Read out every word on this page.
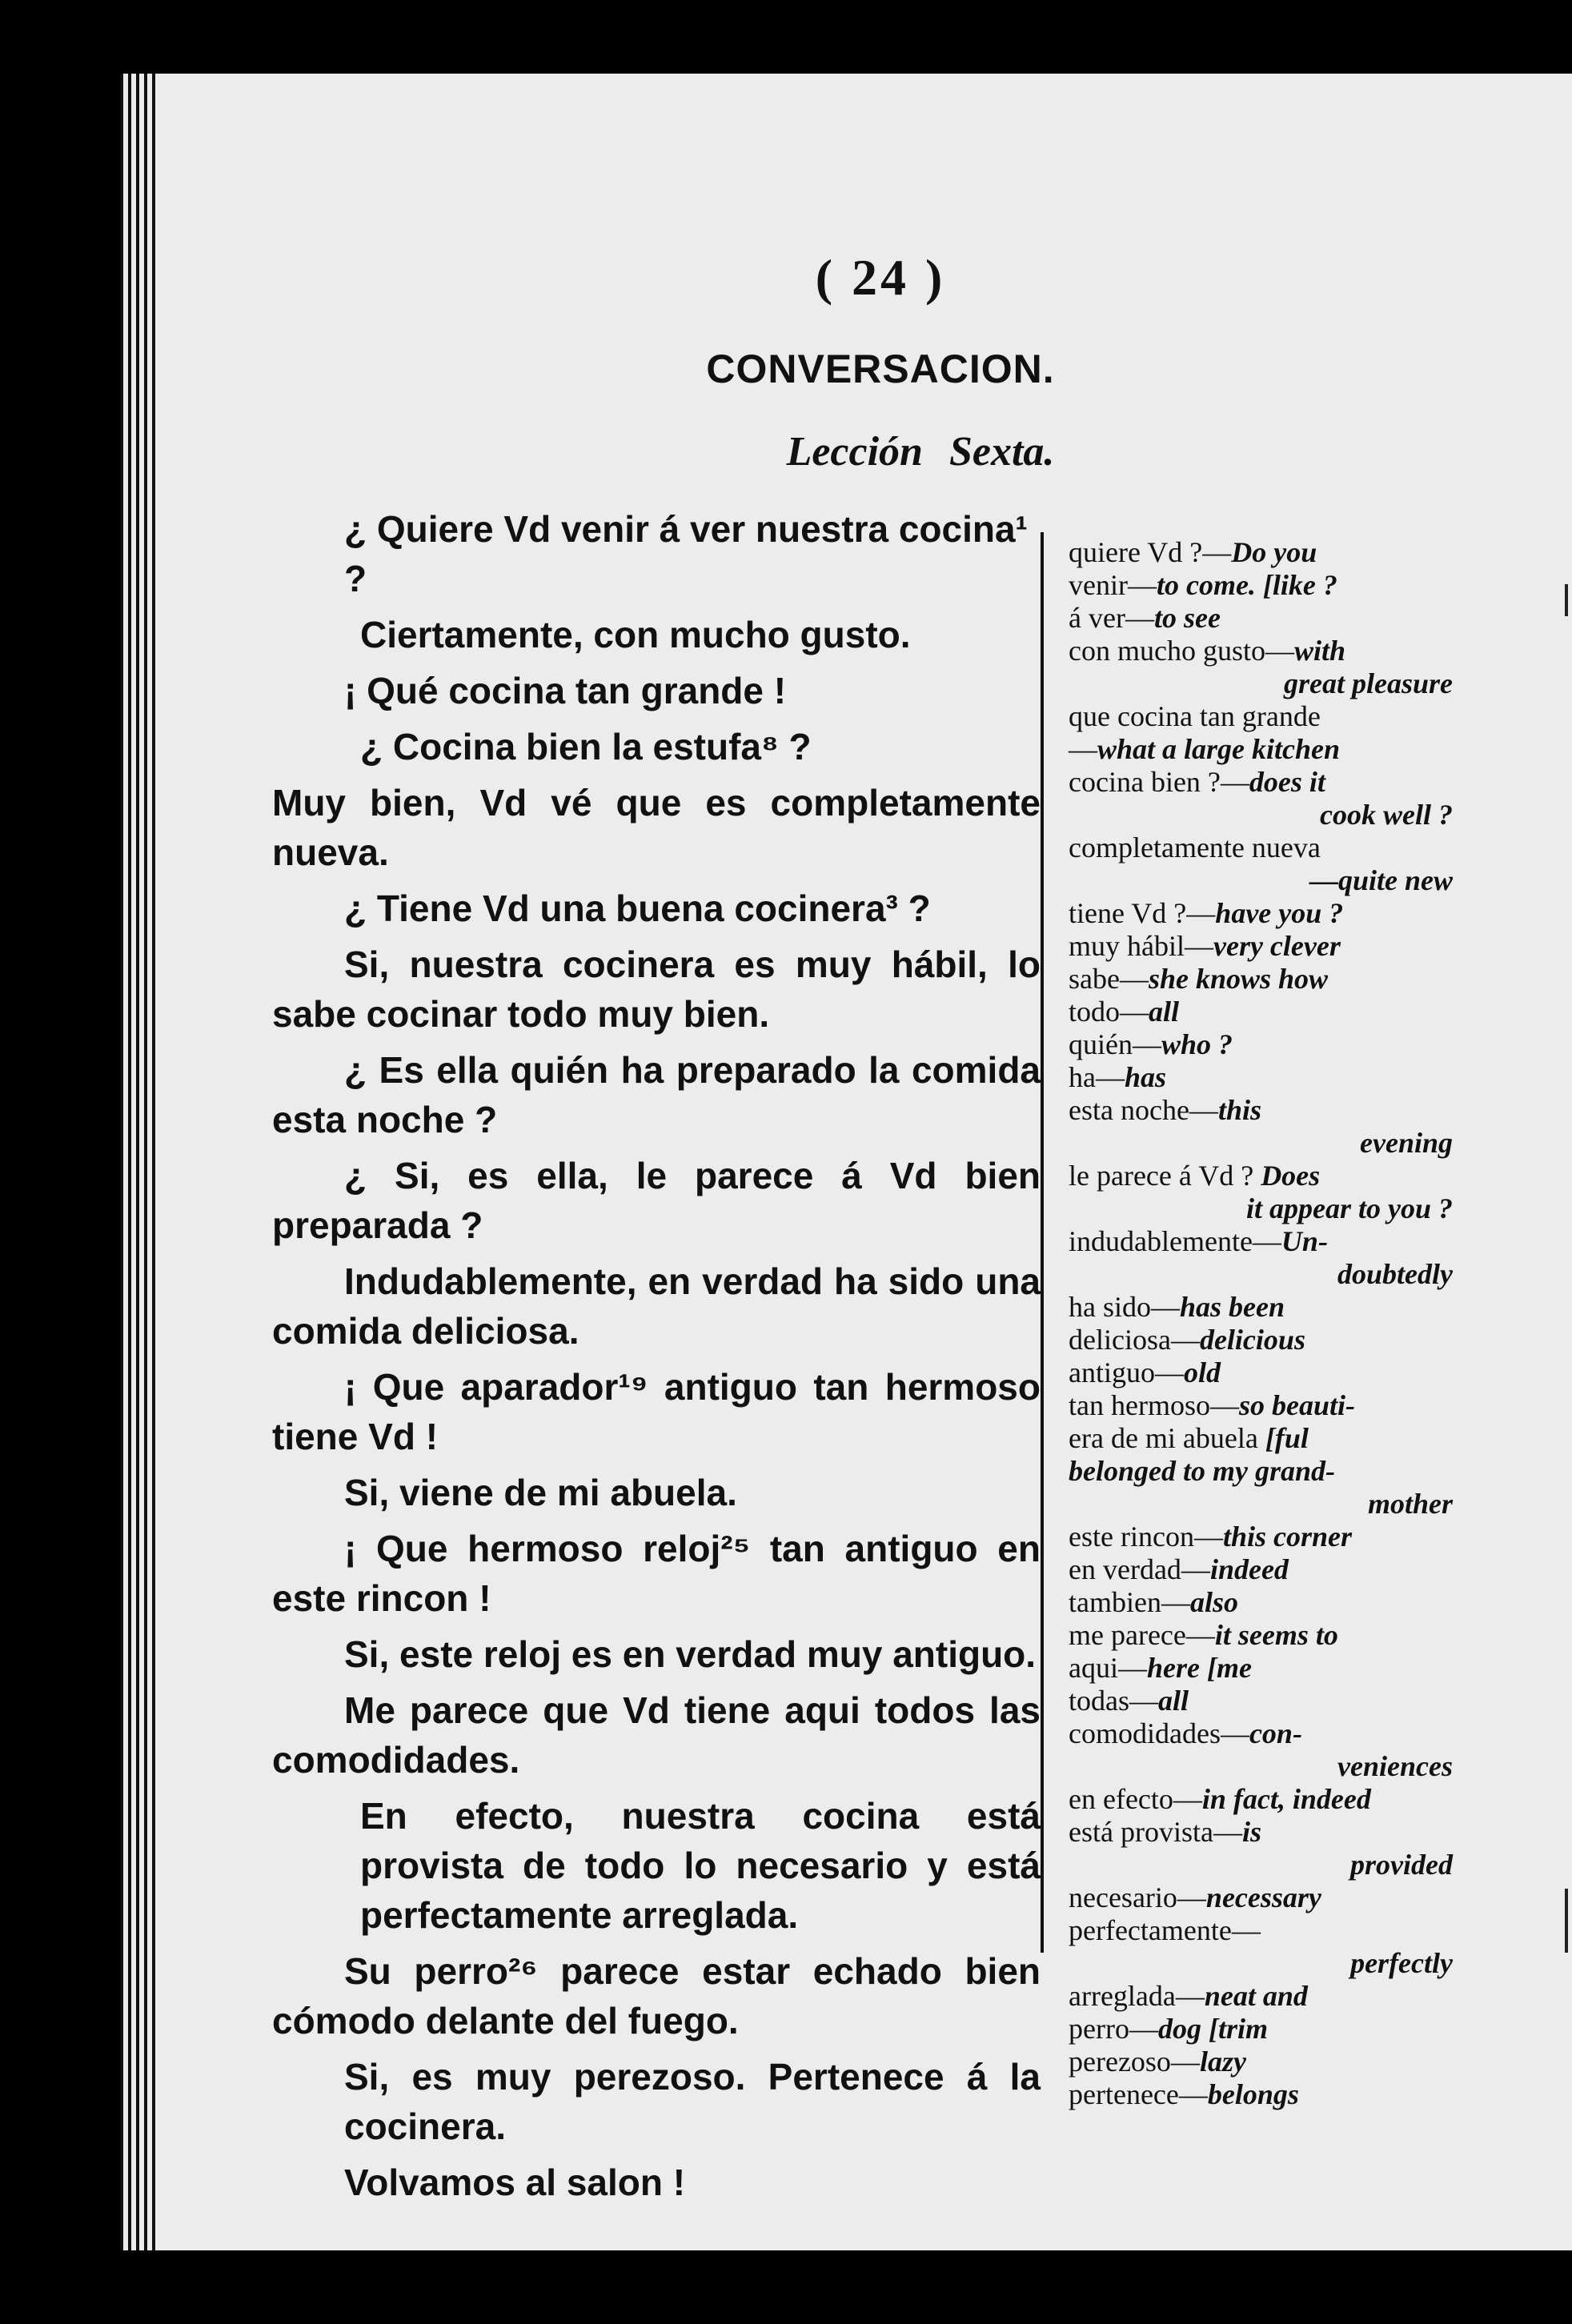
( 24 )
CONVERSACION.
Lección Sexta.

¿ Quiere Vd venir á ver nuestra cocina¹ ?

Ciertamente, con mucho gusto.

¡ Qué cocina tan grande !

¿ Cocina bien la estufa⁸ ?

Muy bien, Vd vé que es completamente nueva.

¿ Tiene Vd una buena cocinera³ ?

Si, nuestra cocinera es muy hábil, lo sabe cocinar todo muy bien.

¿ Es ella quién ha preparado la comida esta noche ?

¿ Si, es ella, le parece á Vd bien preparada ?

Indudablemente, en verdad ha sido una comida deliciosa.

¡ Que aparador¹⁹ antiguo tan hermoso tiene Vd !

Si, viene de mi abuela.

¡ Que hermoso reloj²⁵ tan antiguo en este rincon !

Si, este reloj es en verdad muy antiguo.

Me parece que Vd tiene aqui todos las comodidades.

En efecto, nuestra cocina está provista de todo lo necesario y está perfectamente arreglada.

Su perro²⁶ parece estar echado bien cómodo delante del fuego.

Si, es muy perezoso. Pertenece á la cocinera.

Volvamos al salon !

quiere Vd ?—Do you
venir—to come. [like ?
á ver—to see
con mucho gusto—with
great pleasure
que cocina tan grande
—what a large kitchen
cocina bien ?—does it
cook well ?
completamente nueva
—quite new
tiene Vd ?—have you ?
muy hábil—very clever
sabe—she knows how
todo—all
quién—who ?
ha—has
esta noche—this
evening
le parece á Vd ? Does
it appear to you ?
indudablemente—Un-
doubtedly
ha sido—has been
deliciosa—delicious
antiguo—old
tan hermoso—so beauti-
era de mi abuela [ful
belonged to my grand-
mother
este rincon—this corner
en verdad—indeed
tambien—also
me parece—it seems to
aqui—here [me
todas—all
comodidades—con-
veniences
en efecto—in fact, indeed
está provista—is
provided
necesario—necessary
perfectamente—
perfectly
arreglada—neat and
perro—dog [trim
perezoso—lazy
pertenece—belongs
